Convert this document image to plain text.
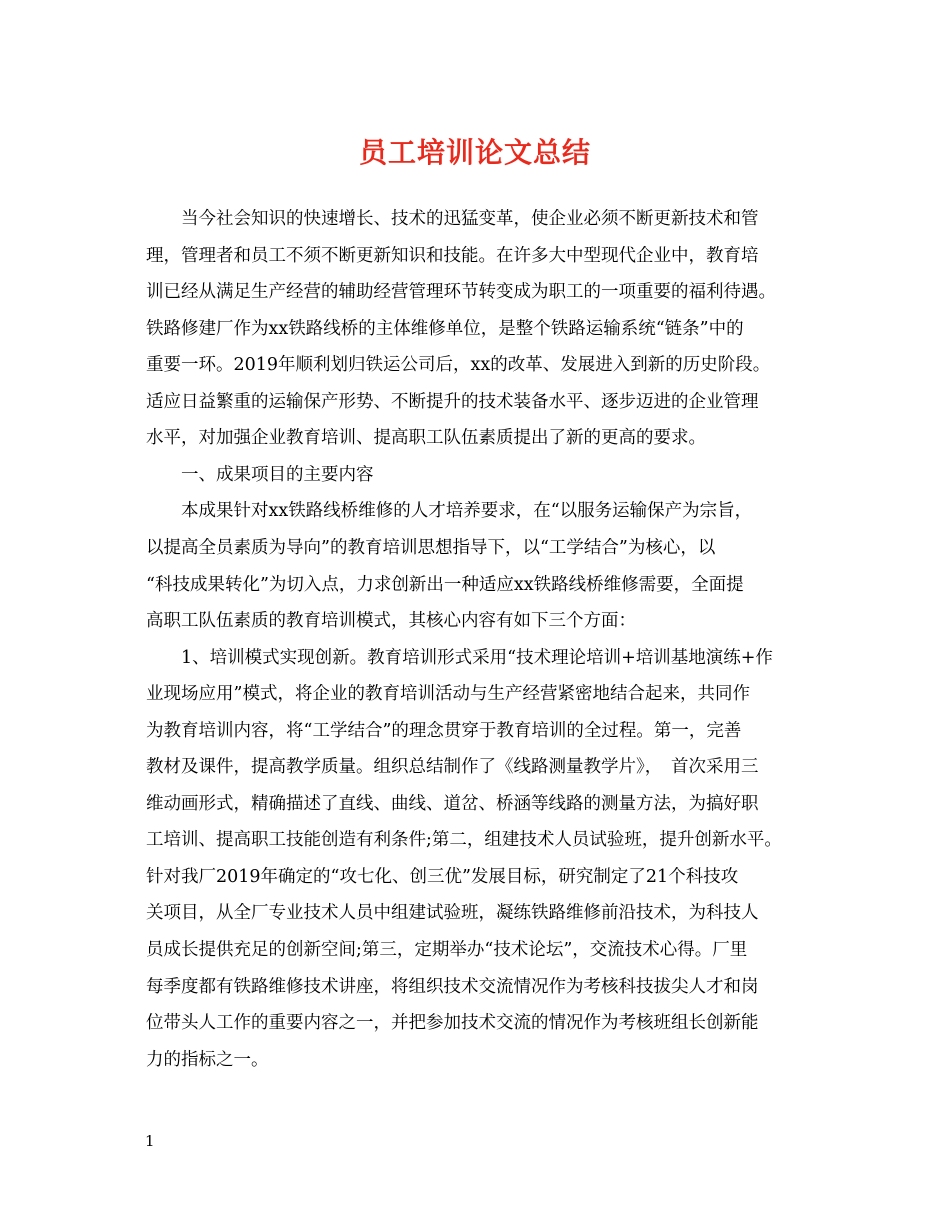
员工培训论文总结
　　当今社会知识的快速增长、技术的迅猛变革，使企业必须不断更新技术和管
理，管理者和员工不须不断更新知识和技能。在许多大中型现代企业中，教育培
训已经从满足生产经营的辅助经营管理环节转变成为职工的一项重要的福利待遇。
铁路修建厂作为xx铁路线桥的主体维修单位，是整个铁路运输系统“链条”中的
重要一环。2019年顺利划归铁运公司后，xx的改革、发展进入到新的历史阶段。
适应日益繁重的运输保产形势、不断提升的技术装备水平、逐步迈进的企业管理
水平，对加强企业教育培训、提高职工队伍素质提出了新的更高的要求。
　　一、成果项目的主要内容
　　本成果针对xx铁路线桥维修的人才培养要求，在“以服务运输保产为宗旨，
以提高全员素质为导向”的教育培训思想指导下，以“工学结合”为核心，以
“科技成果转化”为切入点，力求创新出一种适应xx铁路线桥维修需要，全面提
高职工队伍素质的教育培训模式，其核心内容有如下三个方面：
　　1、培训模式实现创新。教育培训形式采用“技术理论培训+培训基地演练+作
业现场应用”模式，将企业的教育培训活动与生产经营紧密地结合起来，共同作
为教育培训内容，将“工学结合”的理念贯穿于教育培训的全过程。第一，完善
教材及课件，提高教学质量。组织总结制作了《线路测量教学片》，　首次采用三
维动画形式，精确描述了直线、曲线、道岔、桥涵等线路的测量方法，为搞好职
工培训、提高职工技能创造有利条件;第二，组建技术人员试验班，提升创新水平。
针对我厂2019年确定的“攻七化、创三优”发展目标，研究制定了21个科技攻
关项目，从全厂专业技术人员中组建试验班，凝练铁路维修前沿技术，为科技人
员成长提供充足的创新空间;第三，定期举办“技术论坛”，交流技术心得。厂里
每季度都有铁路维修技术讲座，将组织技术交流情况作为考核科技拔尖人才和岗
位带头人工作的重要内容之一，并把参加技术交流的情况作为考核班组长创新能
力的指标之一。
1
